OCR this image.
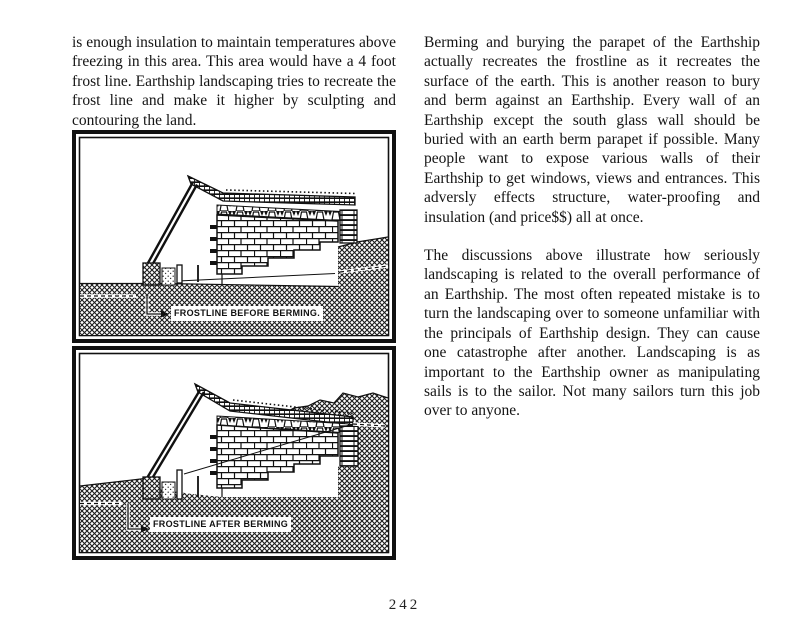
is enough insulation to maintain temperatures above freezing in this area. This area would have a 4 foot frost line. Earthship landscaping tries to recreate the frost line and make it higher by sculpting and contouring the land.

Berming and burying the parapet of the Earthship actually recreates the frostline as it recreates the surface of the earth. This is another reason to bury and berm against an Earthship. Every wall of an Earthship except the south glass wall should be buried with an earth berm parapet if possible. Many people want to expose various walls of their Earthship to get windows, views and entrances. This adversly effects structure, water-proofing and insulation (and price$$) all at once.

The discussions above illustrate how seriously landscaping is related to the overall performance of an Earthship. The most often repeated mistake is to turn the landscaping over to someone unfamiliar with the principals of Earthship design. They can cause one catastrophe after another. Landscaping is as important to the Earthship owner as manipulating sails is to the sailor. Not many sailors turn this job over to anyone.

FROSTLINE BEFORE BERMING.
FROSTLINE AFTER BERMING
242
